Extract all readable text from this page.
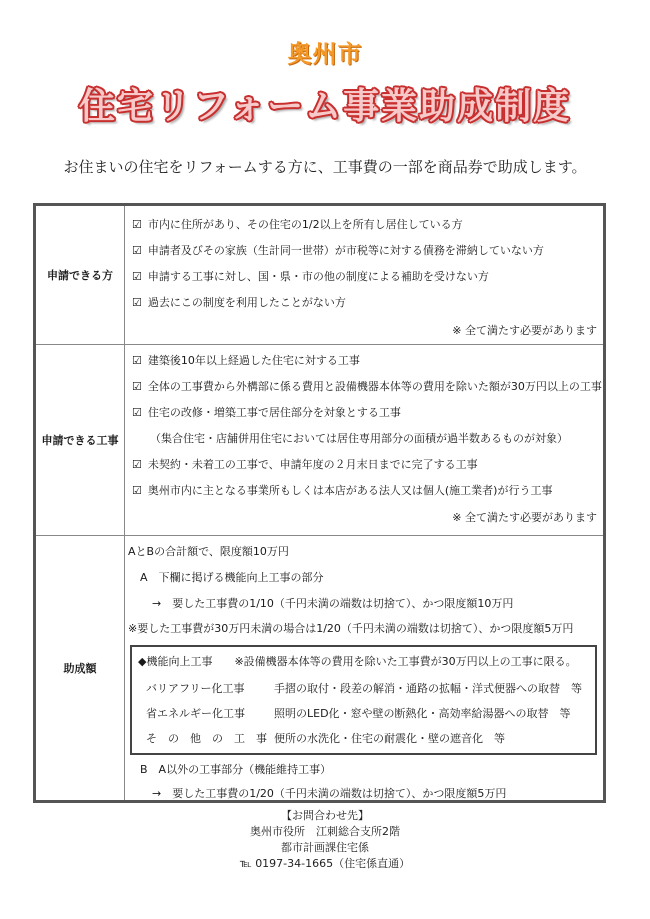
奥州市
住宅リフォーム事業助成制度
お住まいの住宅をリフォームする方に、工事費の一部を商品券で助成します。
申請できる方
☑ 市内に住所があり、その住宅の1/2以上を所有し居住している方
☑ 申請者及びその家族（生計同一世帯）が市税等に対する債務を滞納していない方
☑ 申請する工事に対し、国・県・市の他の制度による補助を受けない方
☑ 過去にこの制度を利用したことがない方
※ 全て満たす必要があります
申請できる工事
☑ 建築後10年以上経過した住宅に対する工事
☑ 全体の工事費から外構部に係る費用と設備機器本体等の費用を除いた額が30万円以上の工事
☑ 住宅の改修・増築工事で居住部分を対象とする工事
（集合住宅・店舗併用住宅においては居住専用部分の面積が過半数あるものが対象）
☑ 未契約・未着工の工事で、申請年度の２月末日までに完了する工事
☑ 奥州市内に主となる事業所もしくは本店がある法人又は個人(施工業者)が行う工事
※ 全て満たす必要があります
助成額
AとBの合計額で、限度額10万円
A　下欄に掲げる機能向上工事の部分
→　要した工事費の1/10（千円未満の端数は切捨て）、かつ限度額10万円
※要した工事費が30万円未満の場合は1/20（千円未満の端数は切捨て）、かつ限度額5万円
◆機能向上工事　　※設備機器本体等の費用を除いた工事費が30万円以上の工事に限る。
バリアフリー化工事	手摺の取付・段差の解消・通路の拡幅・洋式便器への取替　等
省エネルギー化工事	照明のLED化・窓や壁の断熱化・高効率給湯器への取替　等
そ　の　他　の　工　事 便所の水洗化・住宅の耐震化・壁の遮音化　等
B　A以外の工事部分（機能維持工事）
→　要した工事費の1/20（千円未満の端数は切捨て）、かつ限度額5万円
【お問合わせ先】
奥州市役所　江刺総合支所2階
都市計画課住宅係
℡ 0197-34-1665（住宅係直通）
